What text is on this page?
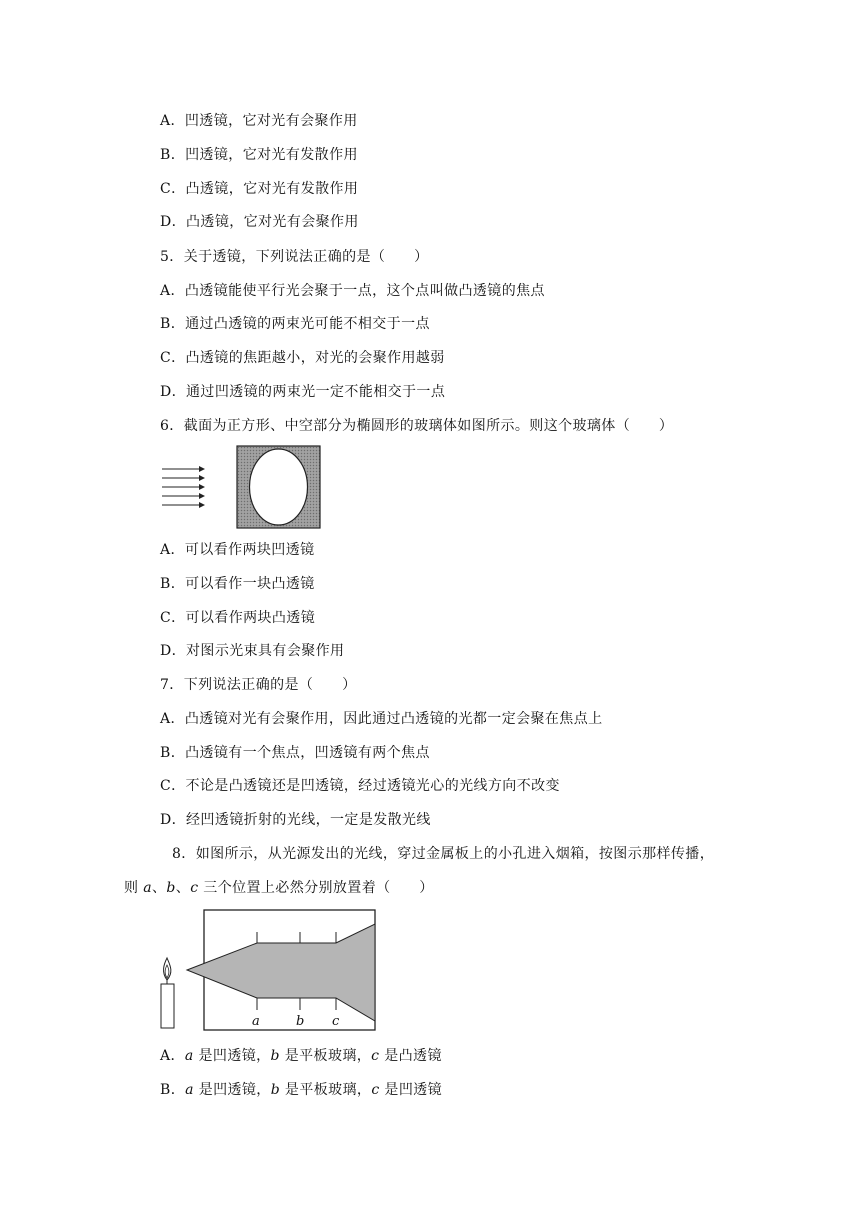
A．凹透镜，它对光有会聚作用
B．凹透镜，它对光有发散作用
C．凸透镜，它对光有发散作用
D．凸透镜，它对光有会聚作用
5．关于透镜，下列说法正确的是（　　）
A．凸透镜能使平行光会聚于一点，这个点叫做凸透镜的焦点
B．通过凸透镜的两束光可能不相交于一点
C．凸透镜的焦距越小，对光的会聚作用越弱
D．通过凹透镜的两束光一定不能相交于一点
6．截面为正方形、中空部分为椭圆形的玻璃体如图所示。则这个玻璃体（　　）
A．可以看作两块凹透镜
B．可以看作一块凸透镜
C．可以看作两块凸透镜
D．对图示光束具有会聚作用
7．下列说法正确的是（　　）
A．凸透镜对光有会聚作用，因此通过凸透镜的光都一定会聚在焦点上
B．凸透镜有一个焦点，凹透镜有两个焦点
C．不论是凸透镜还是凹透镜，经过透镜光心的光线方向不改变
D．经凹透镜折射的光线，一定是发散光线
8．如图所示，从光源发出的光线，穿过金属板上的小孔进入烟箱，按图示那样传播，
则 a、b、c 三个位置上必然分别放置着（　　）
a	b c
A．a 是凹透镜，b 是平板玻璃，c 是凸透镜
B．a 是凹透镜，b 是平板玻璃，c 是凹透镜
